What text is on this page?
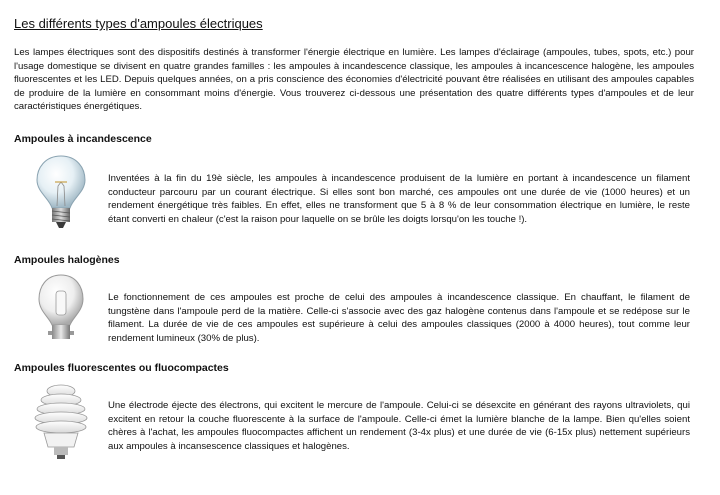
Les différents types d'ampoules électriques

Les lampes électriques sont des dispositifs destinés à transformer l'énergie électrique en lumière. Les lampes d'éclairage (ampoules, tubes, spots, etc.) pour l'usage domestique se divisent en quatre grandes familles : les ampoules à incandescence classique, les ampoules à incancescence halogène, les ampoules fluorescentes et les LED. Depuis quelques années, on a pris conscience des économies d'électricité pouvant être réalisées en utilisant des ampoules capables de produire de la lumière en consommant moins d'énergie. Vous trouverez ci-dessous une présentation des quatre différents types d'ampoules et de leur caractéristiques énergétiques.

Ampoules à incandescence

Inventées à la fin du 19è siècle, les ampoules à incandescence produisent de la lumière en portant à incandescence un filament conducteur parcouru par un courant électrique. Si elles sont bon marché, ces ampoules ont une durée de vie (1000 heures) et un rendement énergétique très faibles. En effet, elles ne transforment que 5 à 8 % de leur consommation électrique en lumière, le reste étant converti en chaleur (c'est la raison pour laquelle on se brûle les doigts lorsqu'on les touche !).

Ampoules halogènes

Le fonctionnement de ces ampoules est proche de celui des ampoules à incandescence classique. En chauffant, le filament de tungstène dans l'ampoule perd de la matière. Celle-ci s'associe avec des gaz halogène contenus dans l'ampoule et se redépose sur le filament. La durée de vie de ces ampoules est supérieure à celui des ampoules classiques (2000 à 4000 heures), tout comme leur rendement lumineux (30% de plus).

Ampoules fluorescentes ou fluocompactes

Une électrode éjecte des électrons, qui excitent le mercure de l'ampoule. Celui-ci se désexcite en générant des rayons ultraviolets, qui excitent en retour la couche fluorescente à la surface de l'ampoule. Celle-ci émet la lumière blanche de la lampe. Bien qu'elles soient chères à l'achat, les ampoules fluocompactes affichent un rendement (3-4x plus) et une durée de vie (6-15x plus) nettement supérieurs aux ampoules à incansescence classiques et halogènes.
